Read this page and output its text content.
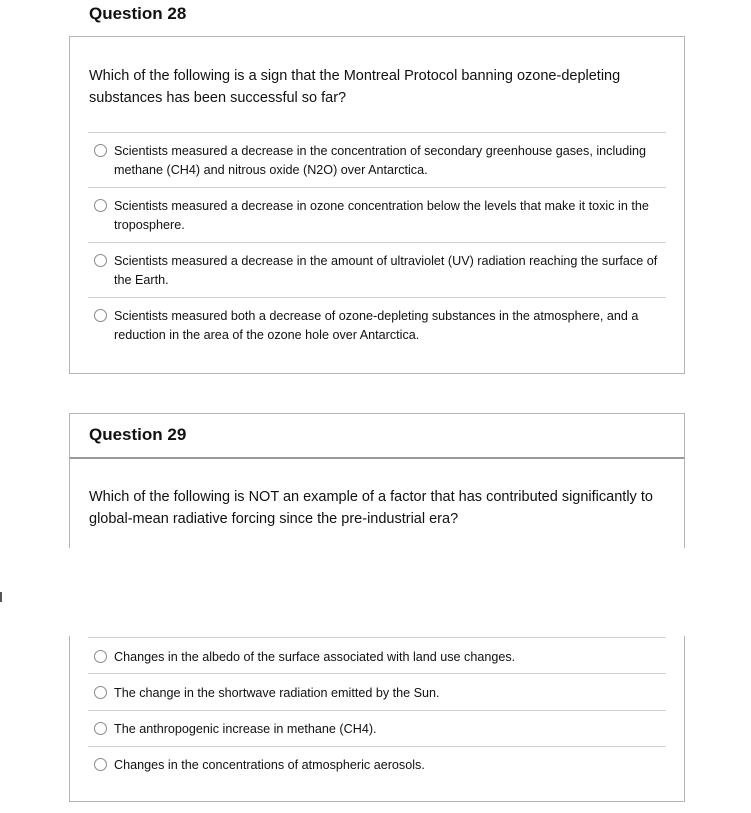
Question 28
Which of the following is a sign that the Montreal Protocol banning ozone-depleting substances has been successful so far?
Scientists measured a decrease in the concentration of secondary greenhouse gases, including methane (CH4) and nitrous oxide (N2O) over Antarctica.
Scientists measured a decrease in ozone concentration below the levels that make it toxic in the troposphere.
Scientists measured a decrease in the amount of ultraviolet (UV) radiation reaching the surface of the Earth.
Scientists measured both a decrease of ozone-depleting substances in the atmosphere, and a reduction in the area of the ozone hole over Antarctica.
Question 29
Which of the following is NOT an example of a factor that has contributed significantly to global-mean radiative forcing since the pre-industrial era?
Changes in the albedo of the surface associated with land use changes.
The change in the shortwave radiation emitted by the Sun.
The anthropogenic increase in methane (CH4).
Changes in the concentrations of atmospheric aerosols.
